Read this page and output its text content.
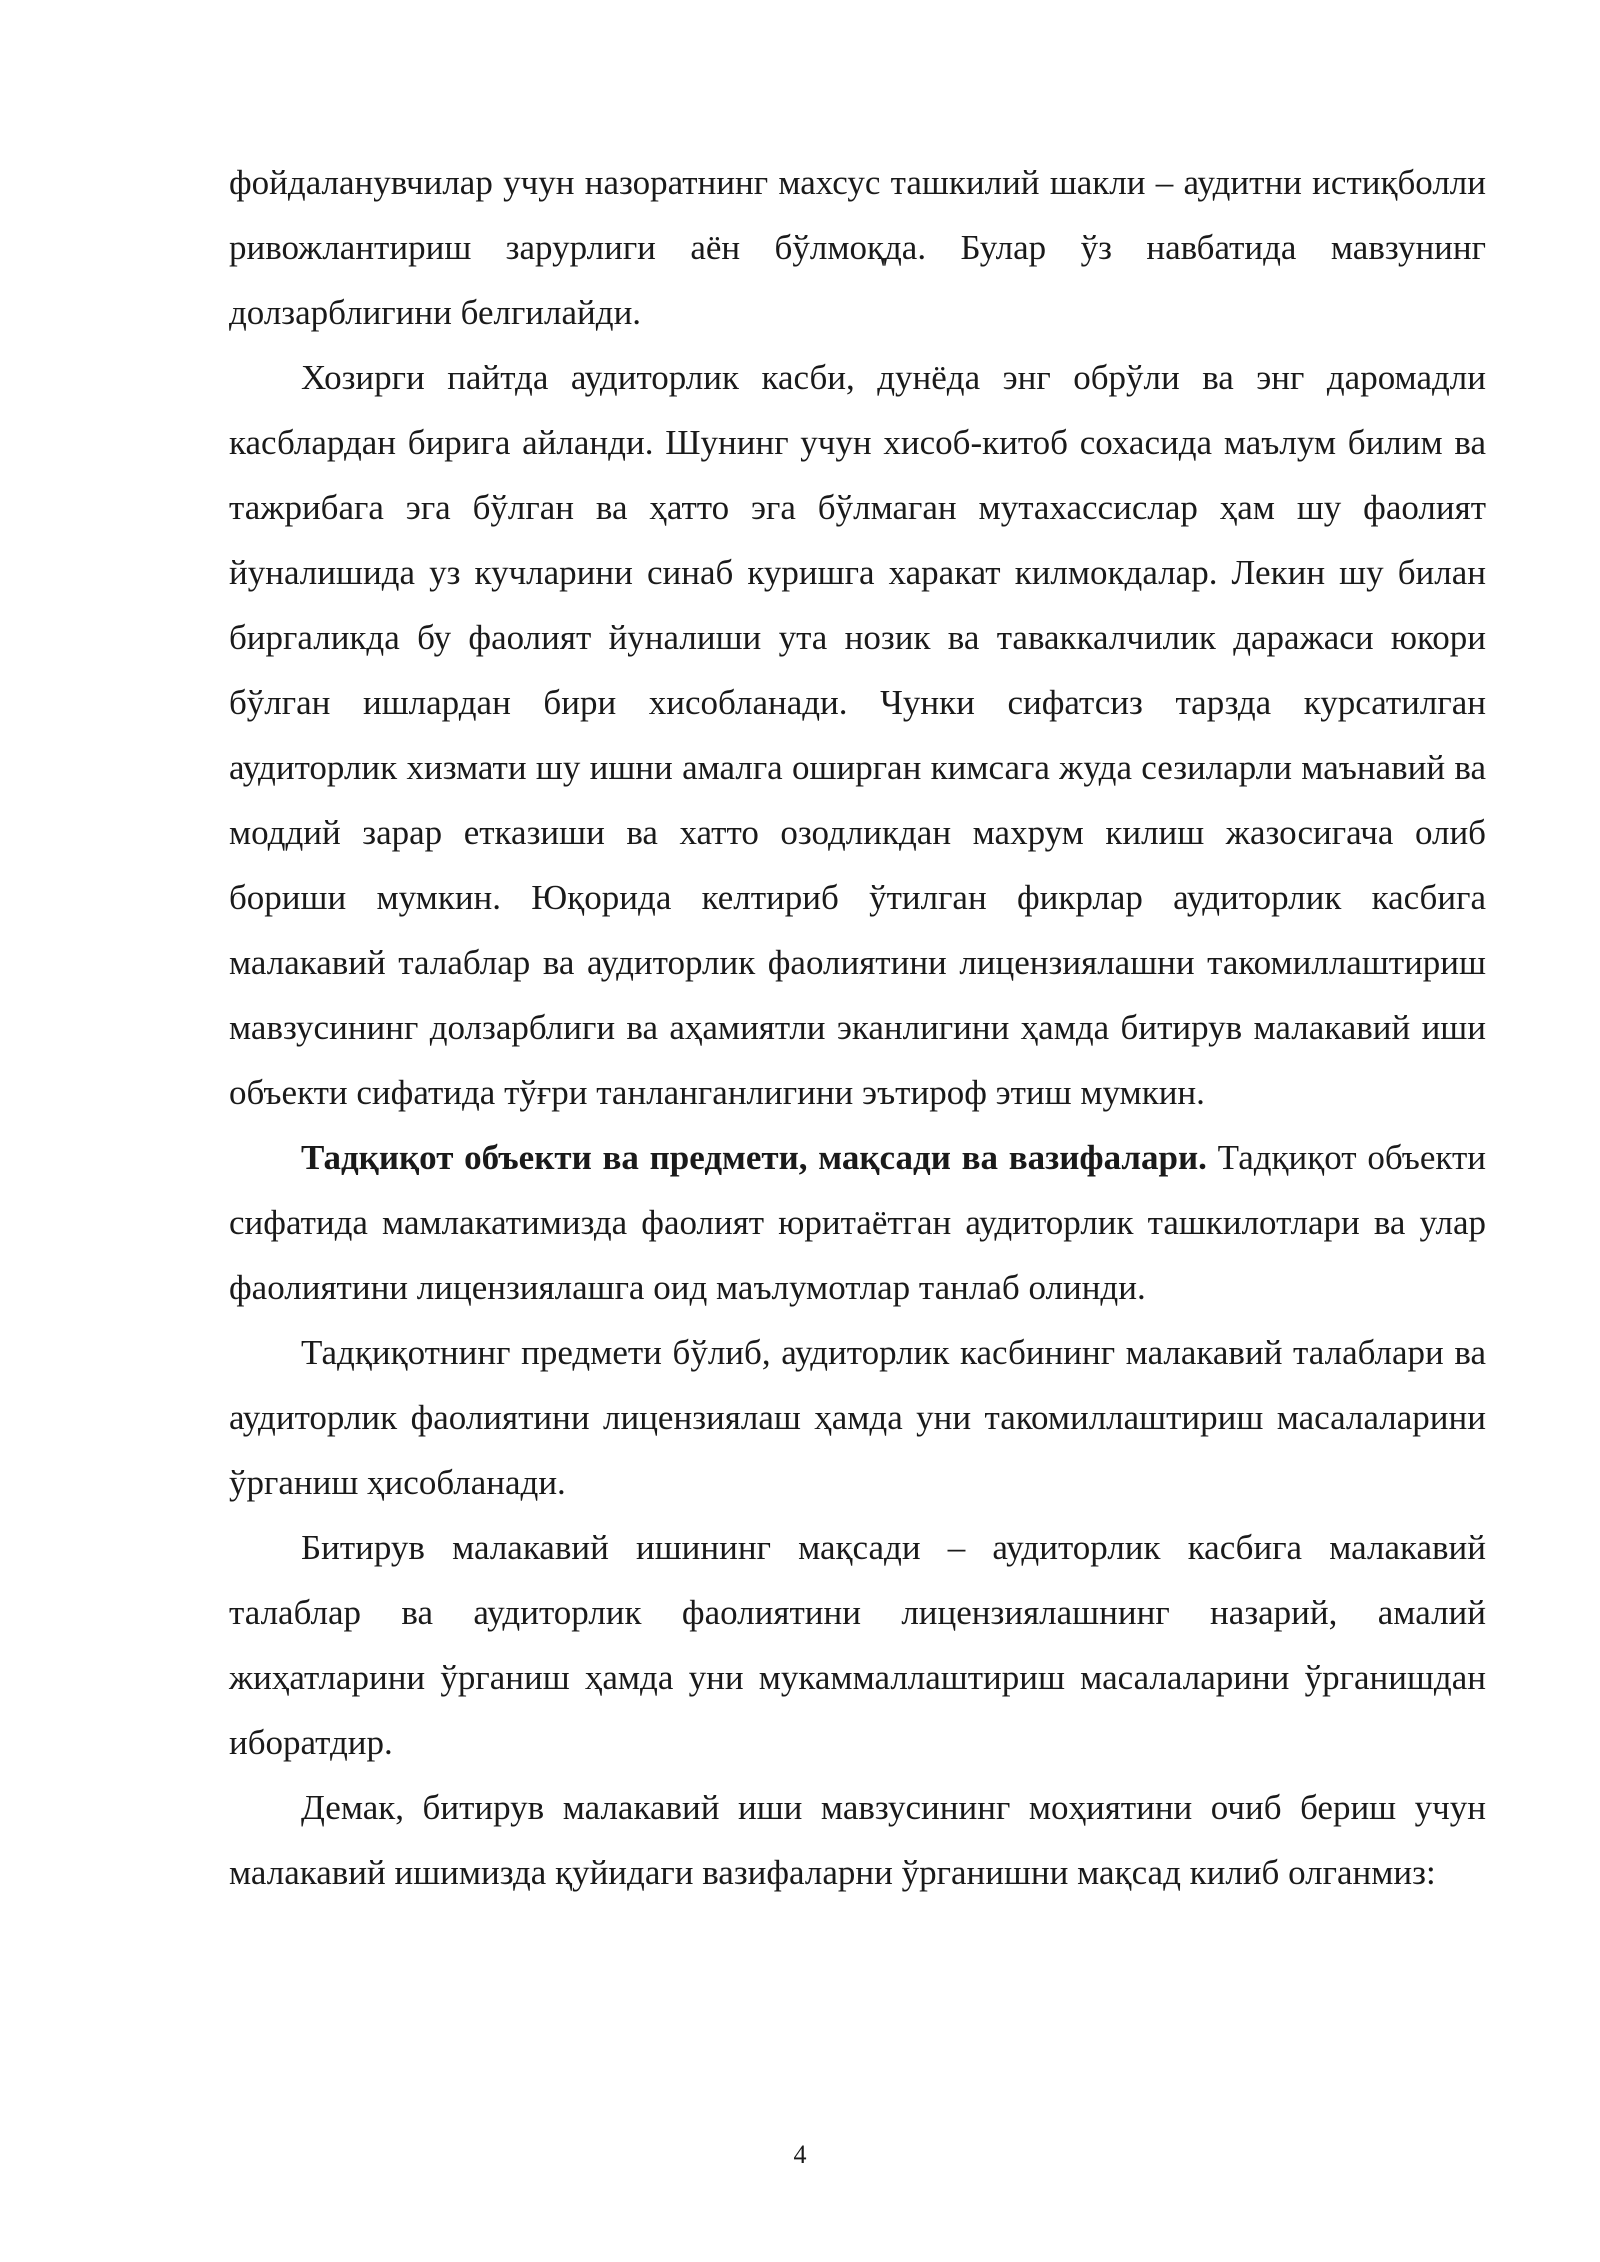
фойдаланувчилар учун назоратнинг махсус ташкилий шакли – аудитни истиқболли ривожлантириш зарурлиги аён бўлмоқда. Булар ўз навбатида мавзунинг долзарблигини белгилайди.

Хозирги пайтда аудиторлик касби, дунёда энг обрўли ва энг даромадли касблардан бирига айланди. Шунинг учун хисоб-китоб сохасида маълум билим ва тажрибага эга бўлган ва ҳатто эга бўлмаган мутахассислар ҳам шу фаолият йуналишида уз кучларини синаб куришга харакат килмокдалар. Лекин шу билан биргаликда бу фаолият йуналиши ута нозик ва таваккалчилик даражаси юкори бўлган ишлардан бири хисобланади. Чунки сифатсиз тарзда курсатилган аудиторлик хизмати шу ишни амалга оширган кимсага жуда сезиларли маънавий ва моддий зарар етказиши ва хатто озодликдан махрум килиш жазосигача олиб бориши мумкин. Юқорида келтириб ўтилган фикрлар аудиторлик касбига малакавий талаблар ва аудиторлик фаолиятини лицензиялашни такомиллаштириш мавзусининг долзарблиги ва аҳамиятли эканлигини ҳамда битирув малакавий иши объекти сифатида тўғри танланганлигини эътироф этиш мумкин.

Тадқиқот объекти ва предмети, мақсади ва вазифалари. Тадқиқот объекти сифатида мамлакатимизда фаолият юритаётган аудиторлик ташкилотлари ва улар фаолиятини лицензиялашга оид маълумотлар танлаб олинди.

Тадқиқотнинг предмети бўлиб, аудиторлик касбининг малакавий талаблари ва аудиторлик фаолиятини лицензиялаш ҳамда уни такомиллаштириш масалаларини ўрганиш ҳисобланади.

Битирув малакавий ишининг мақсади – аудиторлик касбига малакавий талаблар ва аудиторлик фаолиятини лицензиялашнинг назарий, амалий жиҳатларини ўрганиш ҳамда уни мукаммаллаштириш масалаларини ўрганишдан иборатдир.

Демак, битирув малакавий иши мавзусининг моҳиятини очиб бериш учун малакавий ишимизда қуйидаги вазифаларни ўрганишни мақсад килиб олганмиз:

4
